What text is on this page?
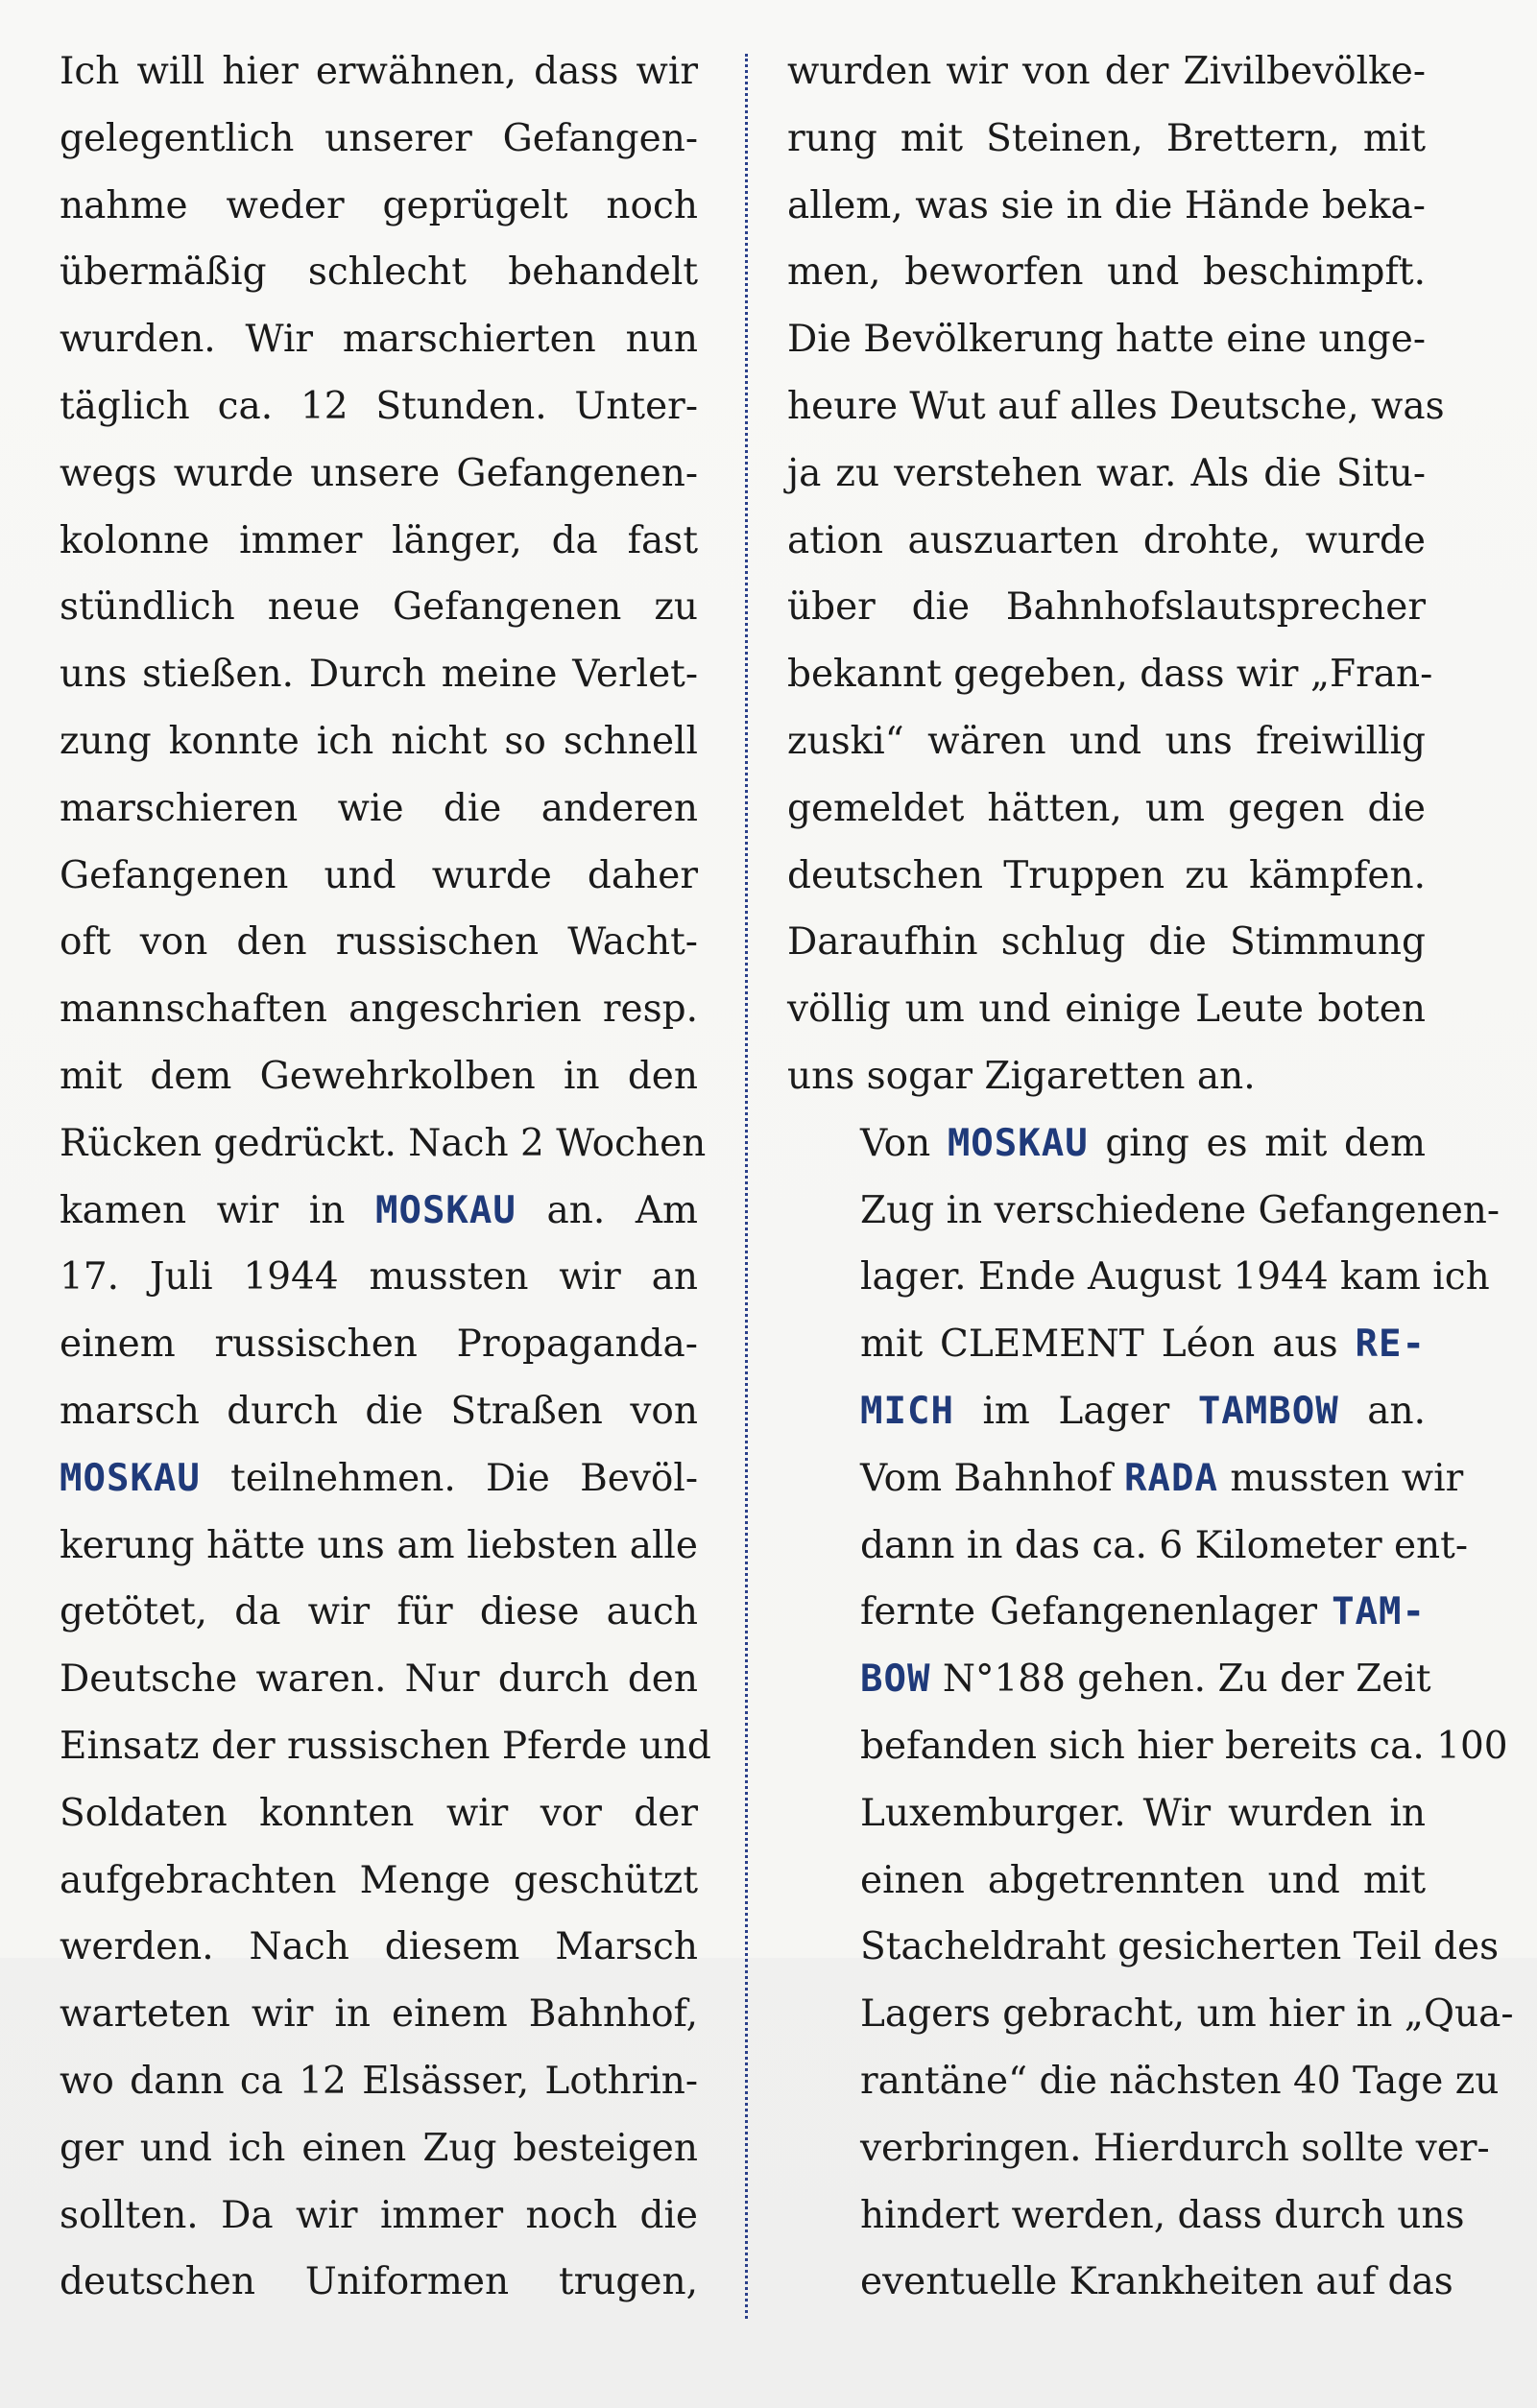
Ich will hier erwähnen, dass wir
gelegentlich unserer Gefangen-
nahme weder geprügelt noch
übermäßig schlecht behandelt
wurden. Wir marschierten nun
täglich ca. 12 Stunden. Unter-
wegs wurde unsere Gefangenen-
kolonne immer länger, da fast
stündlich neue Gefangenen zu
uns stießen. Durch meine Verlet-
zung konnte ich nicht so schnell
marschieren wie die anderen
Gefangenen und wurde daher
oft von den russischen Wacht-
mannschaften angeschrien resp.
mit dem Gewehrkolben in den
Rücken gedrückt. Nach 2 Wochen
kamen wir in MOSKAU an. Am
17. Juli 1944 mussten wir an
einem russischen Propaganda-
marsch durch die Straßen von
MOSKAU teilnehmen. Die Bevöl-
kerung hätte uns am liebsten alle
getötet, da wir für diese auch
Deutsche waren. Nur durch den
Einsatz der russischen Pferde und
Soldaten konnten wir vor der
aufgebrachten Menge geschützt
werden. Nach diesem Marsch
warteten wir in einem Bahnhof,
wo dann ca 12 Elsässer, Lothrin-
ger und ich einen Zug besteigen
sollten. Da wir immer noch die
deutschen Uniformen trugen,
wurden wir von der Zivilbevölke-
rung mit Steinen, Brettern, mit
allem, was sie in die Hände beka-
men, beworfen und beschimpft.
Die Bevölkerung hatte eine unge-
heure Wut auf alles Deutsche, was
ja zu verstehen war. Als die Situ-
ation auszuarten drohte, wurde
über die Bahnhofslautsprecher
bekannt gegeben, dass wir „Fran-
zuski“ wären und uns freiwillig
gemeldet hätten, um gegen die
deutschen Truppen zu kämpfen.
Daraufhin schlug die Stimmung
völlig um und einige Leute boten
uns sogar Zigaretten an.
Von MOSKAU ging es mit dem
Zug in verschiedene Gefangenen-
lager. Ende August 1944 kam ich
mit CLEMENT Léon aus RE-
MICH im Lager TAMBOW an.
Vom Bahnhof RADA mussten wir
dann in das ca. 6 Kilometer ent-
fernte Gefangenenlager TAM-
BOW N°188 gehen. Zu der Zeit
befanden sich hier bereits ca. 100
Luxemburger. Wir wurden in
einen abgetrennten und mit
Stacheldraht gesicherten Teil des
Lagers gebracht, um hier in „Qua-
rantäne“ die nächsten 40 Tage zu
verbringen. Hierdurch sollte ver-
hindert werden, dass durch uns
eventuelle Krankheiten auf das
